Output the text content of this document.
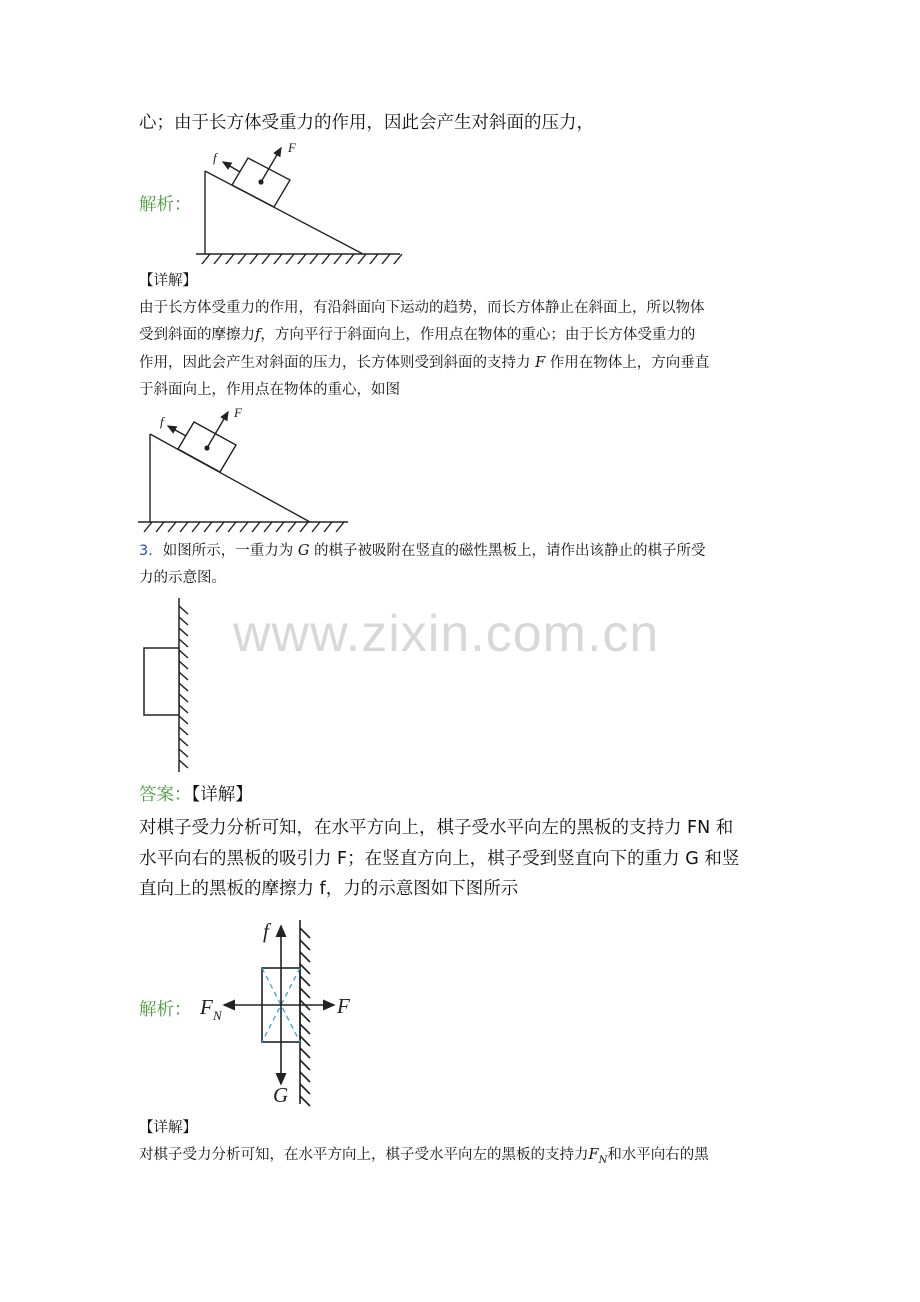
心；由于长方体受重力的作用，因此会产生对斜面的压力，
解析：
f
F
【详解】
由于长方体受重力的作用，有沿斜面向下运动的趋势，而长方体静止在斜面上，所以物体
受到斜面的摩擦力f，方向平行于斜面向上，作用点在物体的重心；由于长方体受重力的
作用，因此会产生对斜面的压力，长方体则受到斜面的支持力 F 作用在物体上，方向垂直
于斜面向上，作用点在物体的重心，如图
f
F
3．如图所示，一重力为 G 的棋子被吸附在竖直的磁性黑板上，请作出该静止的棋子所受
力的示意图。
www.zixin.com.cn
答案：【详解】
对棋子受力分析可知，在水平方向上，棋子受水平向左的黑板的支持力 FN 和
水平向右的黑板的吸引力 F；在竖直方向上，棋子受到竖直向下的重力 G 和竖
直向上的黑板的摩擦力 f，力的示意图如下图所示
解析：
f
F
F N
G
【详解】
对棋子受力分析可知，在水平方向上，棋子受水平向左的黑板的支持力$F_N$和水平向右的黑
